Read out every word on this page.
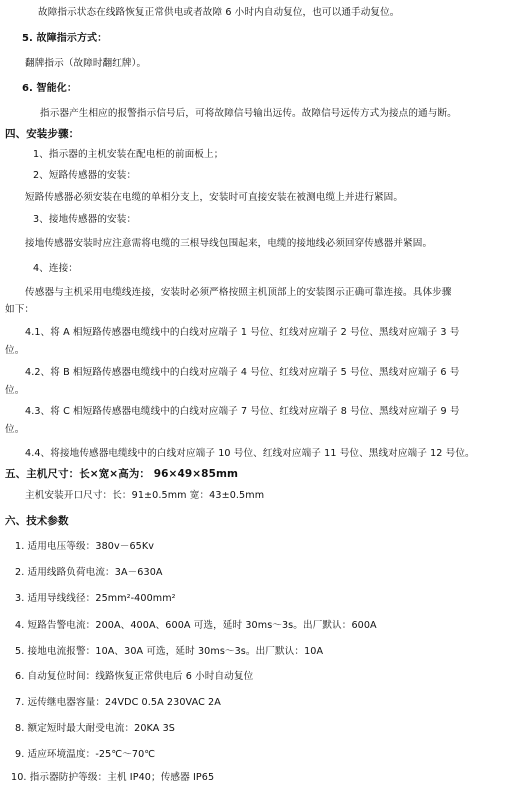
故障指示状态在线路恢复正常供电或者故障 6 小时内自动复位，也可以通手动复位。
5. 故障指示方式：
翻牌指示（故障时翻红牌）。
6. 智能化：
指示器产生相应的报警指示信号后，可将故障信号输出远传。故障信号远传方式为接点的通与断。
四、安装步骤：
1、指示器的主机安装在配电柜的前面板上；
2、短路传感器的安装：
短路传感器必须安装在电缆的单相分支上，安装时可直接安装在被测电缆上并进行紧固。
3、接地传感器的安装：
接地传感器安装时应注意需将电缆的三根导线包围起来，电缆的接地线必须回穿传感器并紧固。
4、连接：
传感器与主机采用电缆线连接，安装时必须严格按照主机顶部上的安装图示正确可靠连接。具体步骤
如下：
4.1、将 A 相短路传感器电缆线中的白线对应端子 1 号位、红线对应端子 2 号位、黑线对应端子 3 号
位。
4.2、将 B 相短路传感器电缆线中的白线对应端子 4 号位、红线对应端子 5 号位、黑线对应端子 6 号
位。
4.3、将 C 相短路传感器电缆线中的白线对应端子 7 号位、红线对应端子 8 号位、黑线对应端子 9 号
位。
4.4、将接地传感器电缆线中的白线对应端子 10 号位、红线对应端子 11 号位、黑线对应端子 12 号位。
五、主机尺寸：长×宽×高为： 96×49×85mm
主机安装开口尺寸：长：91±0.5mm 宽：43±0.5mm
六、技术参数
1. 适用电压等级：380v－65Kv
2. 适用线路负荷电流：3A－630A
3. 适用导线线径：25mm²-400mm²
4. 短路告警电流：200A、400A、600A 可选，延时 30ms～3s。出厂默认：600A
5. 接地电流报警：10A、30A 可选，延时 30ms～3s。出厂默认：10A
6. 自动复位时间：线路恢复正常供电后 6 小时自动复位
7. 远传继电器容量：24VDC 0.5A 230VAC 2A
8. 额定短时最大耐受电流：20KA 3S
9. 适应环境温度：-25℃～70℃
10. 指示器防护等级：主机 IP40；传感器 IP65
